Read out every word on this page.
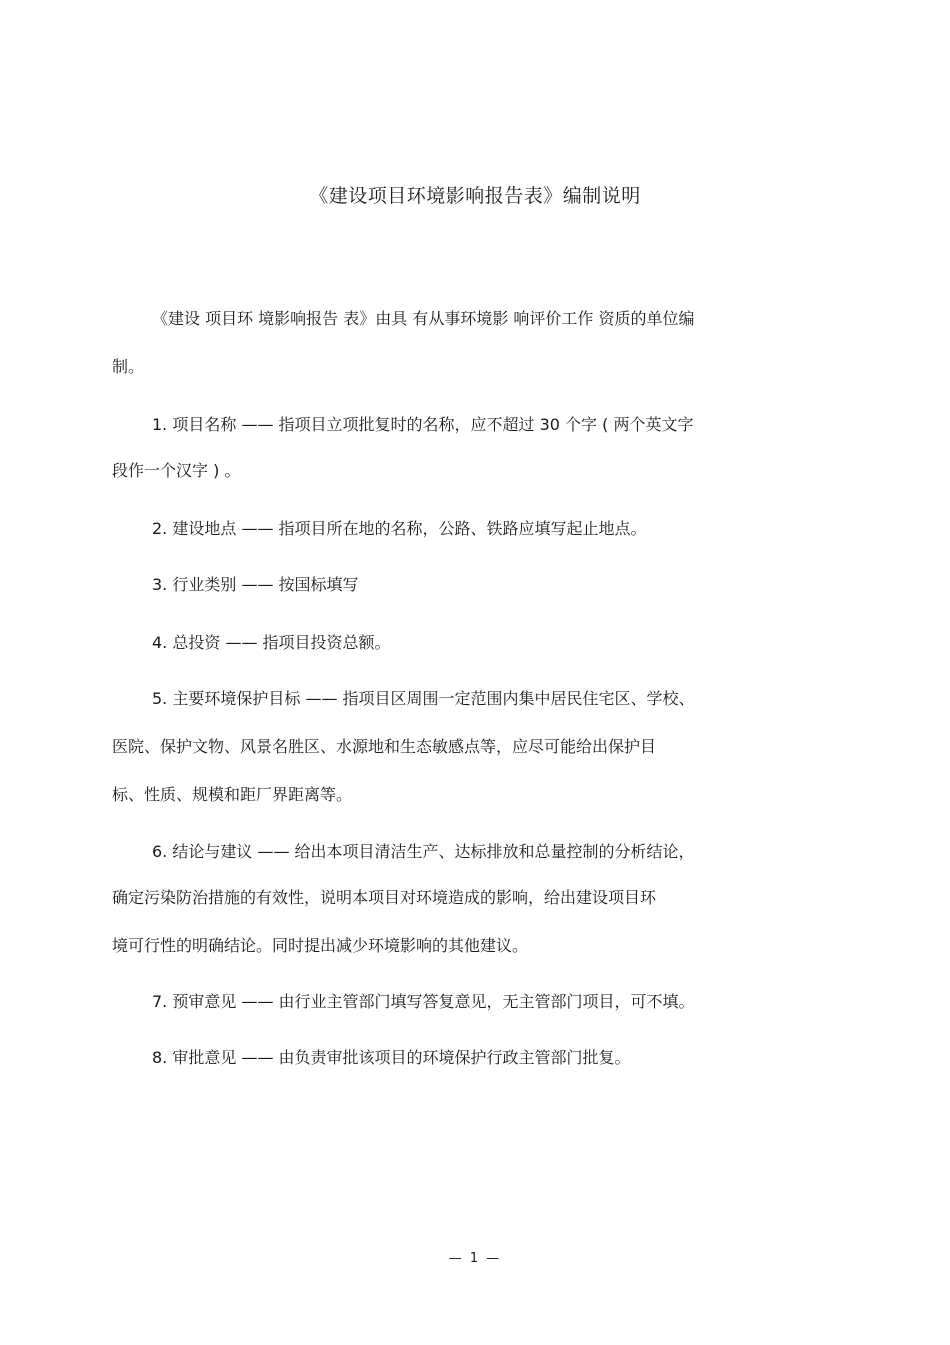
《建设项目环境影响报告表》编制说明
《建设 项目环 境影响报告 表》由具 有从事环境影 响评价工作 资质的单位编
制。
1. 项目名称 —— 指项目立项批复时的名称，应不超过 30 个字 ( 两个英文字
段作一个汉字 ) 。
2. 建设地点 —— 指项目所在地的名称，公路、铁路应填写起止地点。
3. 行业类别 —— 按国标填写
4. 总投资 —— 指项目投资总额。
5. 主要环境保护目标 —— 指项目区周围一定范围内集中居民住宅区、学校、
医院、保护文物、风景名胜区、水源地和生态敏感点等，应尽可能给出保护目
标、性质、规模和距厂界距离等。
6. 结论与建议 —— 给出本项目清洁生产、达标排放和总量控制的分析结论，
确定污染防治措施的有效性，说明本项目对环境造成的影响，给出建设项目环
境可行性的明确结论。同时提出减少环境影响的其他建议。
7. 预审意见 —— 由行业主管部门填写答复意见，无主管部门项目，可不填。
8. 审批意见 —— 由负责审批该项目的环境保护行政主管部门批复。
— 1 —
